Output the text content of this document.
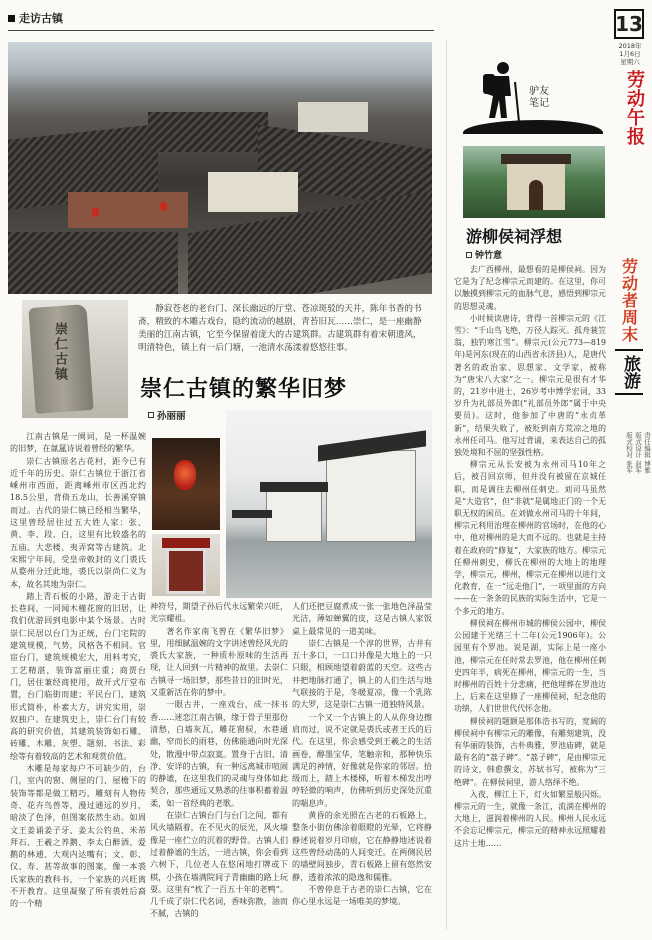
走访古镇	13
2018年
1月6日
星期六
劳动午报
崇仁古镇
静寂苍老的老台门、深长幽远的厅堂、苍凉斑驳的天井，陈年书香的书斋，精致的木雕古戏台，隐约流动的越剧，青苔旧瓦……崇仁，是一座幽静美丽的江南古镇，它至今保留着庞大的古建筑群。古建筑群有着宋朝遗风，明清特色，镇上有一后门塘，一池清水荡漾着悠悠往事。
崇仁古镇的繁华旧梦
孙丽丽

江南古镇是一阕词，是一杯温婉的旧梦，在氤氲诗说着曾经的繁华。

崇仁古镇原名古花村，距今已有近千年的历史。崇仁古镇位于浙江省嵊州市西面，距离嵊州市区西北约18.5公里，背倚五龙山，长善溪穿镇而过。古代的崇仁镇已经相当繁华，这里曾经居住过五大姓人家：张、黄、李、段、白，这里有比较盛名的五庙、大悲楼、夷弄窝等古建筑。北宋熙宁年间，受皇帝敕封的义门裘氏从婺州分迁此地，裘氏以崇尚仁义为本，故名其地为崇仁。

踏上青石板的小路，游走于古街长巷间，一同闻木槿花窗的旧居，让我们优游回到电影中某个场景。古时崇仁民居以台门为正统，台门宅院的建筑规模，气势，风格各不相同。官宦台门，建筑规模宏大，用料考究，工艺精湛，装饰富丽庄重；商贾台门，居住兼经商使用，故开式厅堂布置，台门临街而建；平民台门，建筑形式简朴，朴素大方，讲究实用，崇奴独户。在建筑史上，崇仁台门有较高的研究价值，其建筑装饰如石雕、砖雕、木雕、灰塑、题刻、书法、彩绘等有着较高的艺术和观赏价值。

木雕是每家每户不可缺少的，台门，室内的窗、侧屋的门、屋檐下的装饰等都是做工精巧，雕刻有人物传奇、花卉鸟兽等，漫过通远的岁月，暗淡了色泽，但图案依然生动。如周文王姜诵姜子牙、姜太公钓鱼、米芾拜石、王羲之养鹅、李太白醉酒、爱鹅的林逋、大观内达嘴有；文、彰、仪、寿、甚等故事的图案，像一本裘氏家族的教科书，一个家族的兴旺离不开教育。这里凝聚了所有裘姓后裔的一个精

神符号，期望子孙后代永远繁荣兴旺，光宗耀祖。

著名作家南飞曾在《繁华旧梦》里，用细腻温婉的文字讲述曾经风光的裘氏大家族，一种质朴原味的生活再现，让人回到一片精神的故里。去崇仁古镇寻一场旧梦，那些昔日的旧时光，又重新活在你的梦中。

一眼古井，一座戏台，成一抹书香……迷恋江南古镇，缘于骨子里那份清愁，白墙灰瓦，雕花窗棂，水巷通幽，窄而长的雨巷，仿佛能通向时光深处，散漫中带点寂寞。置身于古旧、清净、安详的古镇，有一种远离城市喧闹的静谧，在这里我们的灵魂与身体如此契合，那些通远又熟悉的往事积蓄着温柔，如一首经典的老歌。

在崇仁古镇台门与台门之间，都有风火墙隔着，在不见火的辰光，风火墙像是一座伫立的沉着的野骨。古镇人们过着静谧的生活，一进古镇，你会看到六树下，几位老人在悠闲地打牌或下棋，小孩在墙满院间子青幽幽的路上玩耍。这里有“枕了一百五十年的老鸭”。几千成了崇仁代名词，香味弥散，油而不腻，古镇的

人们还把豆腐煮成一张一张地色泽晶莹光洁，薄如蝉翼的皮，这是古镇人家饭桌上最常见的一道美味。

崇仁古镇是一个淳的世界，古井有五十多口，一口口井像是大地上的一只只眼，相顾地望着蔚蓝的天空。这些古井把地脉打通了，镇上的人们生活与地气联接的于是，冬暖夏凉，像一个乳陈的大罗，这是崇仁古镇一道独特风景。

一个又一个古镇上的人从你身边擦肩而过，说不定就是裘氏或者王氏的后代。在这里，你会感受到王羲之的生活画卷，醇墨宝华，笔触亲和，那种快乐满足的神情，好像就是你家的邻居。拾级而上，踏上木楼梯，听着木梯发出哼哼轻微的响声，仿佛听到历史深处沉重的喘息声。

黄昏的余光照在古老的石板路上，整条小街仿佛涂着眼瞪的光晕，它将静静述说着岁月印痕，它在静静地述说着这些曾经动荡的人间变迁。在两侧民居的墙壁间独步，青石板路上留有悠然安静，透着浓浓的隐逸和儒雅。

不曾停息于古老的崇仁古镇，它在你心里永远是一场唯美的梦境。

驴友
笔记
游柳侯祠浮想
钟竹意

去广西柳州，最想看的是柳侯祠。因为它是为了纪念柳宗元而建的。在这里，你可以触摸到柳宗元的血脉气息，感悟到柳宗元的思想灵魂。

小时候读唐诗，背得一首柳宗元的《江雪》：“千山鸟飞绝，万径人踪灭。孤舟蓑笠翁，独钓寒江雪”。柳宗元(公元773—819年)是河东(现在的山西省永济县)人，是唐代著名的政治家、思想家、文学家，被称为“唐宋八大家”之一。柳宗元是很有才华的，21岁中进士，26岁考中博学宏词，33岁升为礼部员外郎(“礼部员外郎”属于中央要员)。这时，他参加了中唐的“永贞革新”，结果失败了，被贬到南方荒凉之地的永州任司马。他写过背诵，来表达自己的孤独处境和不屈的坚强性格。

柳宗元从长安被为永州司马10年之后，被召回京师，但并没有被留在京城任职，而是调往去柳州任刺史。刘司马虽然是“大造官”，但“非就”是属地正门的一个无职无权的闲员。在刘做永州司马的十年间，柳宗元利用治理在柳州的官场时，在他的心中，他对柳州的是大而不远的。也就是主持着在政府的“修复”，大家族的地方。柳宗元任柳州刺史，柳氏在柳州的大地上的地理学，柳宗元，柳州，柳宗元在柳州以进行文化教育，在一“远走他门”，一项里面的方向——在一条条的民族的实际生活中，它是一个多元的地方。

柳侯祠在柳州市城的柳侯公园中，柳侯公园建于光绪三十二年(公元1906年)。公园里有个罗池。说是湖，实际上是一座小池，柳宗元在任时常去罗池，他在柳州任刺史四年半，病死在柳州，柳宗元的一生，当时柳州的百姓十分悲痛，把他埋葬在罗池边上，后来在这里修了一座柳侯祠，纪念他的功绩，人们世世代代怀念他。

柳侯祠的题额是那体浩书写的，宽阔的柳侯祠中有柳宗元的雕像，有雕刻建筑，没有华丽的装饰，古朴典雅，罗池庙碑，就是最有名的“荔子碑”。“荔子碑”，是由柳宗元的诗文，韩愈撰文，苏轼书写，被称为“三绝碑”。在柳侯祠里，游人络绎不绝。

入夜，柳江上下，灯火如繁星般闪烁。柳宗元的一生，就像一条江，流淌在柳州的大地上，滋润着柳州的人民。柳州人民永远不会忘记柳宗元，柳宗元的精神永远照耀着这片土地……

劳动者周末
旅游
责任编辑 博雅
版式设计 赵军
版式校对 张军
